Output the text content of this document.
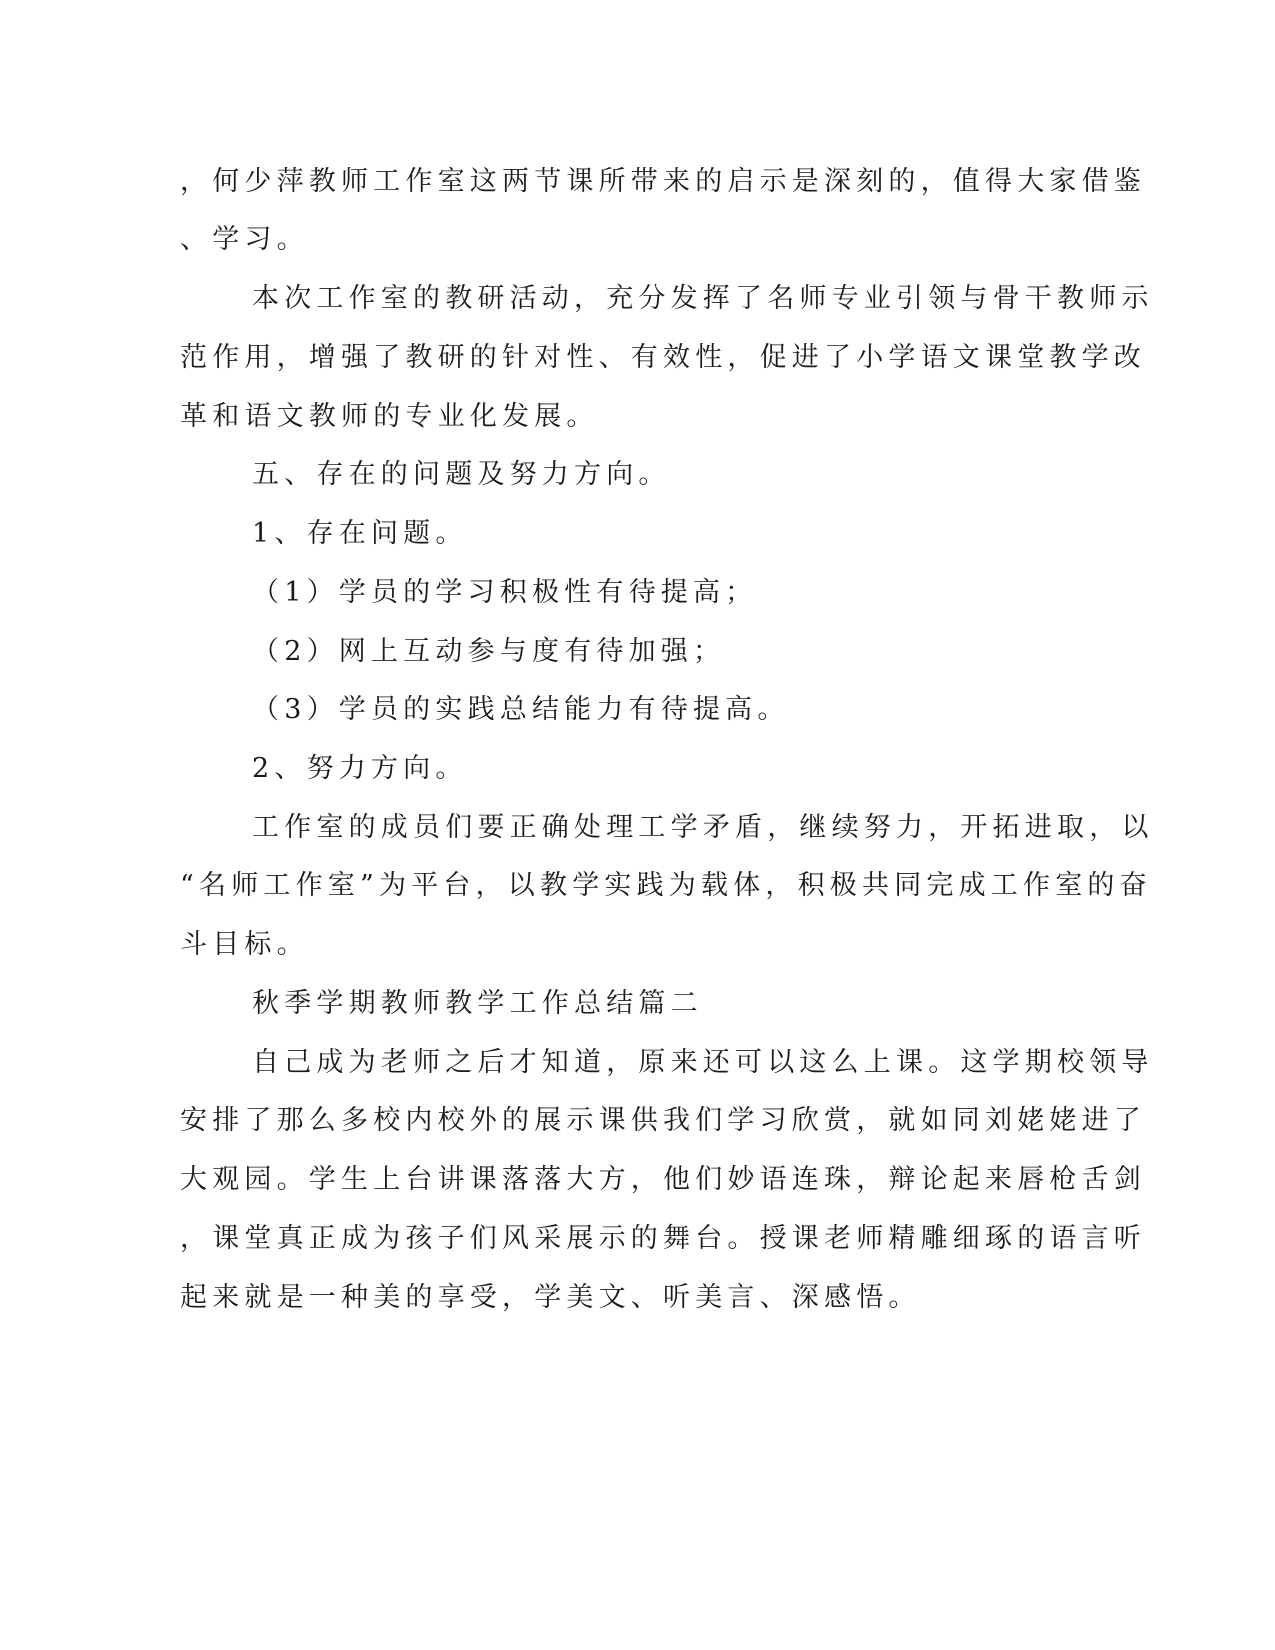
，何少萍教师工作室这两节课所带来的启示是深刻的，值得大家借鉴
、学习。
本次工作室的教研活动，充分发挥了名师专业引领与骨干教师示
范作用，增强了教研的针对性、有效性，促进了小学语文课堂教学改
革和语文教师的专业化发展。
五、存在的问题及努力方向。
1、存在问题。
（1）学员的学习积极性有待提高；
（2）网上互动参与度有待加强；
（3）学员的实践总结能力有待提高。
2、努力方向。
工作室的成员们要正确处理工学矛盾，继续努力，开拓进取，以
“名师工作室”为平台，以教学实践为载体，积极共同完成工作室的奋
斗目标。
秋季学期教师教学工作总结篇二
自己成为老师之后才知道，原来还可以这么上课。这学期校领导
安排了那么多校内校外的展示课供我们学习欣赏，就如同刘姥姥进了
大观园。学生上台讲课落落大方，他们妙语连珠，辩论起来唇枪舌剑
，课堂真正成为孩子们风采展示的舞台。授课老师精雕细琢的语言听
起来就是一种美的享受，学美文、听美言、深感悟。
